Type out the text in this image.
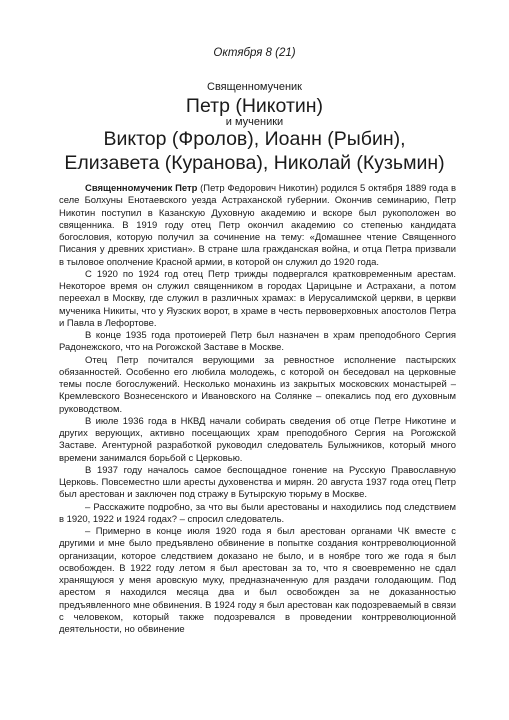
Октября 8 (21)
Священномученик
Петр (Никотин)
и мученики
Виктор (Фролов), Иоанн (Рыбин),
Елизавета (Куранова), Николай (Кузьмин)

Священномученик Петр (Петр Федорович Никотин) родился 5 октября 1889 года в селе Болхуны Енотаевского уезда Астраханской губернии. Окончив семинарию, Петр Никотин поступил в Казанскую Духовную академию и вскоре был рукоположен во священника. В 1919 году отец Петр окончил академию со степенью кандидата богословия, которую получил за сочинение на тему: «Домашнее чтение Священного Писания у древних христиан». В стране шла гражданская война, и отца Петра призвали в тыловое ополчение Красной армии, в которой он служил до 1920 года.

С 1920 по 1924 год отец Петр трижды подвергался кратковременным арестам. Некоторое время он служил священником в городах Царицыне и Астрахани, а потом переехал в Москву, где служил в различных храмах: в Иерусалимской церкви, в церкви мученика Никиты, что у Яузских ворот, в храме в честь первоверховных апостолов Петра и Павла в Лефортове.

В конце 1935 года протоиерей Петр был назначен в храм преподобного Сергия Радонежского, что на Рогожской Заставе в Москве.

Отец Петр почитался верующими за ревностное исполнение пастырских обязанностей. Особенно его любила молодежь, с которой он беседовал на церковные темы после богослужений. Несколько монахинь из закрытых московских монастырей – Кремлевского Вознесенского и Ивановского на Солянке – опекались под его духовным руководством.

В июле 1936 года в НКВД начали собирать сведения об отце Петре Никотине и других верующих, активно посещающих храм преподобного Сергия на Рогожской Заставе. Агентурной разработкой руководил следователь Булыжников, который много времени занимался борьбой с Церковью.

В 1937 году началось самое беспощадное гонение на Русскую Православную Церковь. Повсеместно шли аресты духовенства и мирян. 20 августа 1937 года отец Петр был арестован и заключен под стражу в Бутырскую тюрьму в Москве.

– Расскажите подробно, за что вы были арестованы и находились под следствием в 1920, 1922 и 1924 годах? – спросил следователь.

– Примерно в конце июля 1920 года я был арестован органами ЧК вместе с другими и мне было предъявлено обвинение в попытке создания контрреволюционной организации, которое следствием доказано не было, и в ноябре того же года я был освобожден. В 1922 году летом я был арестован за то, что я своевременно не сдал хранящуюся у меня аровскую муку, предназначенную для раздачи голодающим. Под арестом я находился месяца два и был освобожден за не доказанностью предъявленного мне обвинения. В 1924 году я был арестован как подозреваемый в связи с человеком, который также подозревался в проведении контрреволюционной деятельности, но обвинение
